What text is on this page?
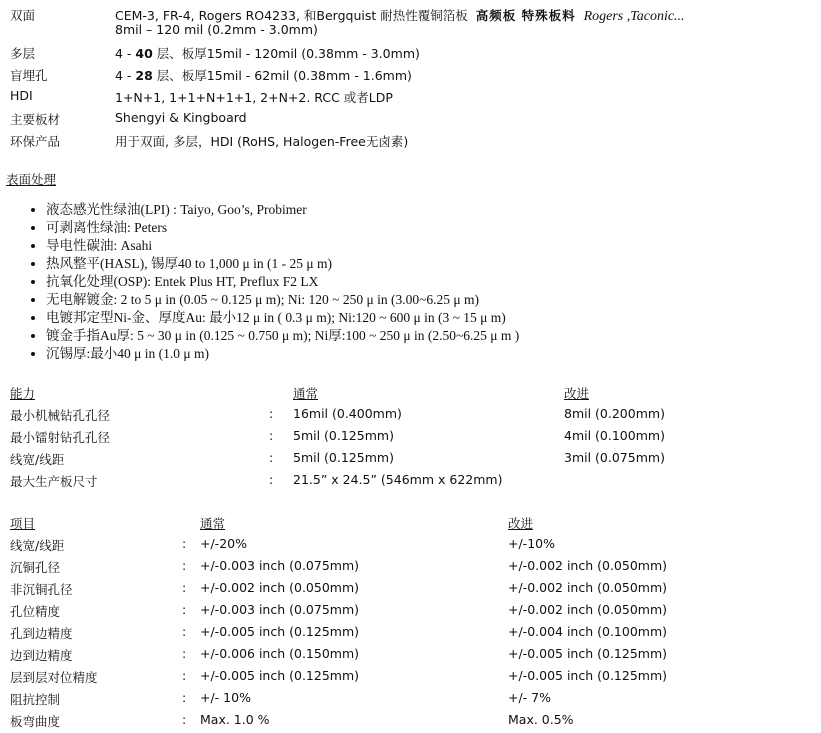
双面	CEM-3, FR-4, Rogers RO4233, 和Bergquist 耐热性覆铜箔板 高频板 特殊板料 Rogers ,Taconic...
8mil – 120 mil (0.2mm - 3.0mm)
多层	4 - 40 层、板厚15mil - 120mil (0.38mm - 3.0mm)
盲埋孔	4 - 28 层、板厚15mil - 62mil (0.38mm - 1.6mm)
HDI	1+N+1, 1+1+N+1+1, 2+N+2. RCC 或者LDP
主要板材	Shengyi & Kingboard
环保产品	用于双面, 多层，HDI (RoHS, Halogen-Free无卤素)
表面处理
• 液态感光性绿油(LPI) : Taiyo, Goo’s, Probimer
• 可剥离性绿油: Peters
• 导电性碳油: Asahi
• 热风整平(HASL), 锡厚40 to 1,000 μ in (1 - 25 μ m)
• 抗氧化处理(OSP): Entek Plus HT, Preflux F2 LX
• 无电解镀金: 2 to 5 μ in (0.05 ~ 0.125 μ m); Ni: 120 ~ 250 μ in (3.00~6.25 μ m)
• 电镀邦定型Ni-金、厚度Au: 最小12 μ in ( 0.3 μ m); Ni:120 ~ 600 μ in (3 ~ 15 μ m)
• 镀金手指Au厚: 5 ~ 30 μ in (0.125 ~ 0.750 μ m); Ni厚:100 ~ 250 μ in (2.50~6.25 μ m )
• 沉锡厚:最小40 μ in (1.0 μ m)
能力	通常	改进
最小机械钻孔孔径	: 16mil (0.400mm)	8mil (0.200mm)
最小镭射钻孔孔径	: 5mil (0.125mm)	4mil (0.100mm)
线宽/线距	: 5mil (0.125mm)	3mil (0.075mm)
最大生产板尺寸	: 21.5” x 24.5” (546mm x 622mm)
项目	通常	改进
线宽/线距	: +/-20%	+/-10%
沉铜孔径	: +/-0.003 inch (0.075mm)	+/-0.002 inch (0.050mm)
非沉铜孔径	: +/-0.002 inch (0.050mm)	+/-0.002 inch (0.050mm)
孔位精度	: +/-0.003 inch (0.075mm)	+/-0.002 inch (0.050mm)
孔到边精度	: +/-0.005 inch (0.125mm)	+/-0.004 inch (0.100mm)
边到边精度	: +/-0.006 inch (0.150mm)	+/-0.005 inch (0.125mm)
层到层对位精度	: +/-0.005 inch (0.125mm)	+/-0.005 inch (0.125mm)
阻抗控制	: +/- 10%	+/- 7%
板弯曲度	: Max. 1.0 %	Max. 0.5%
